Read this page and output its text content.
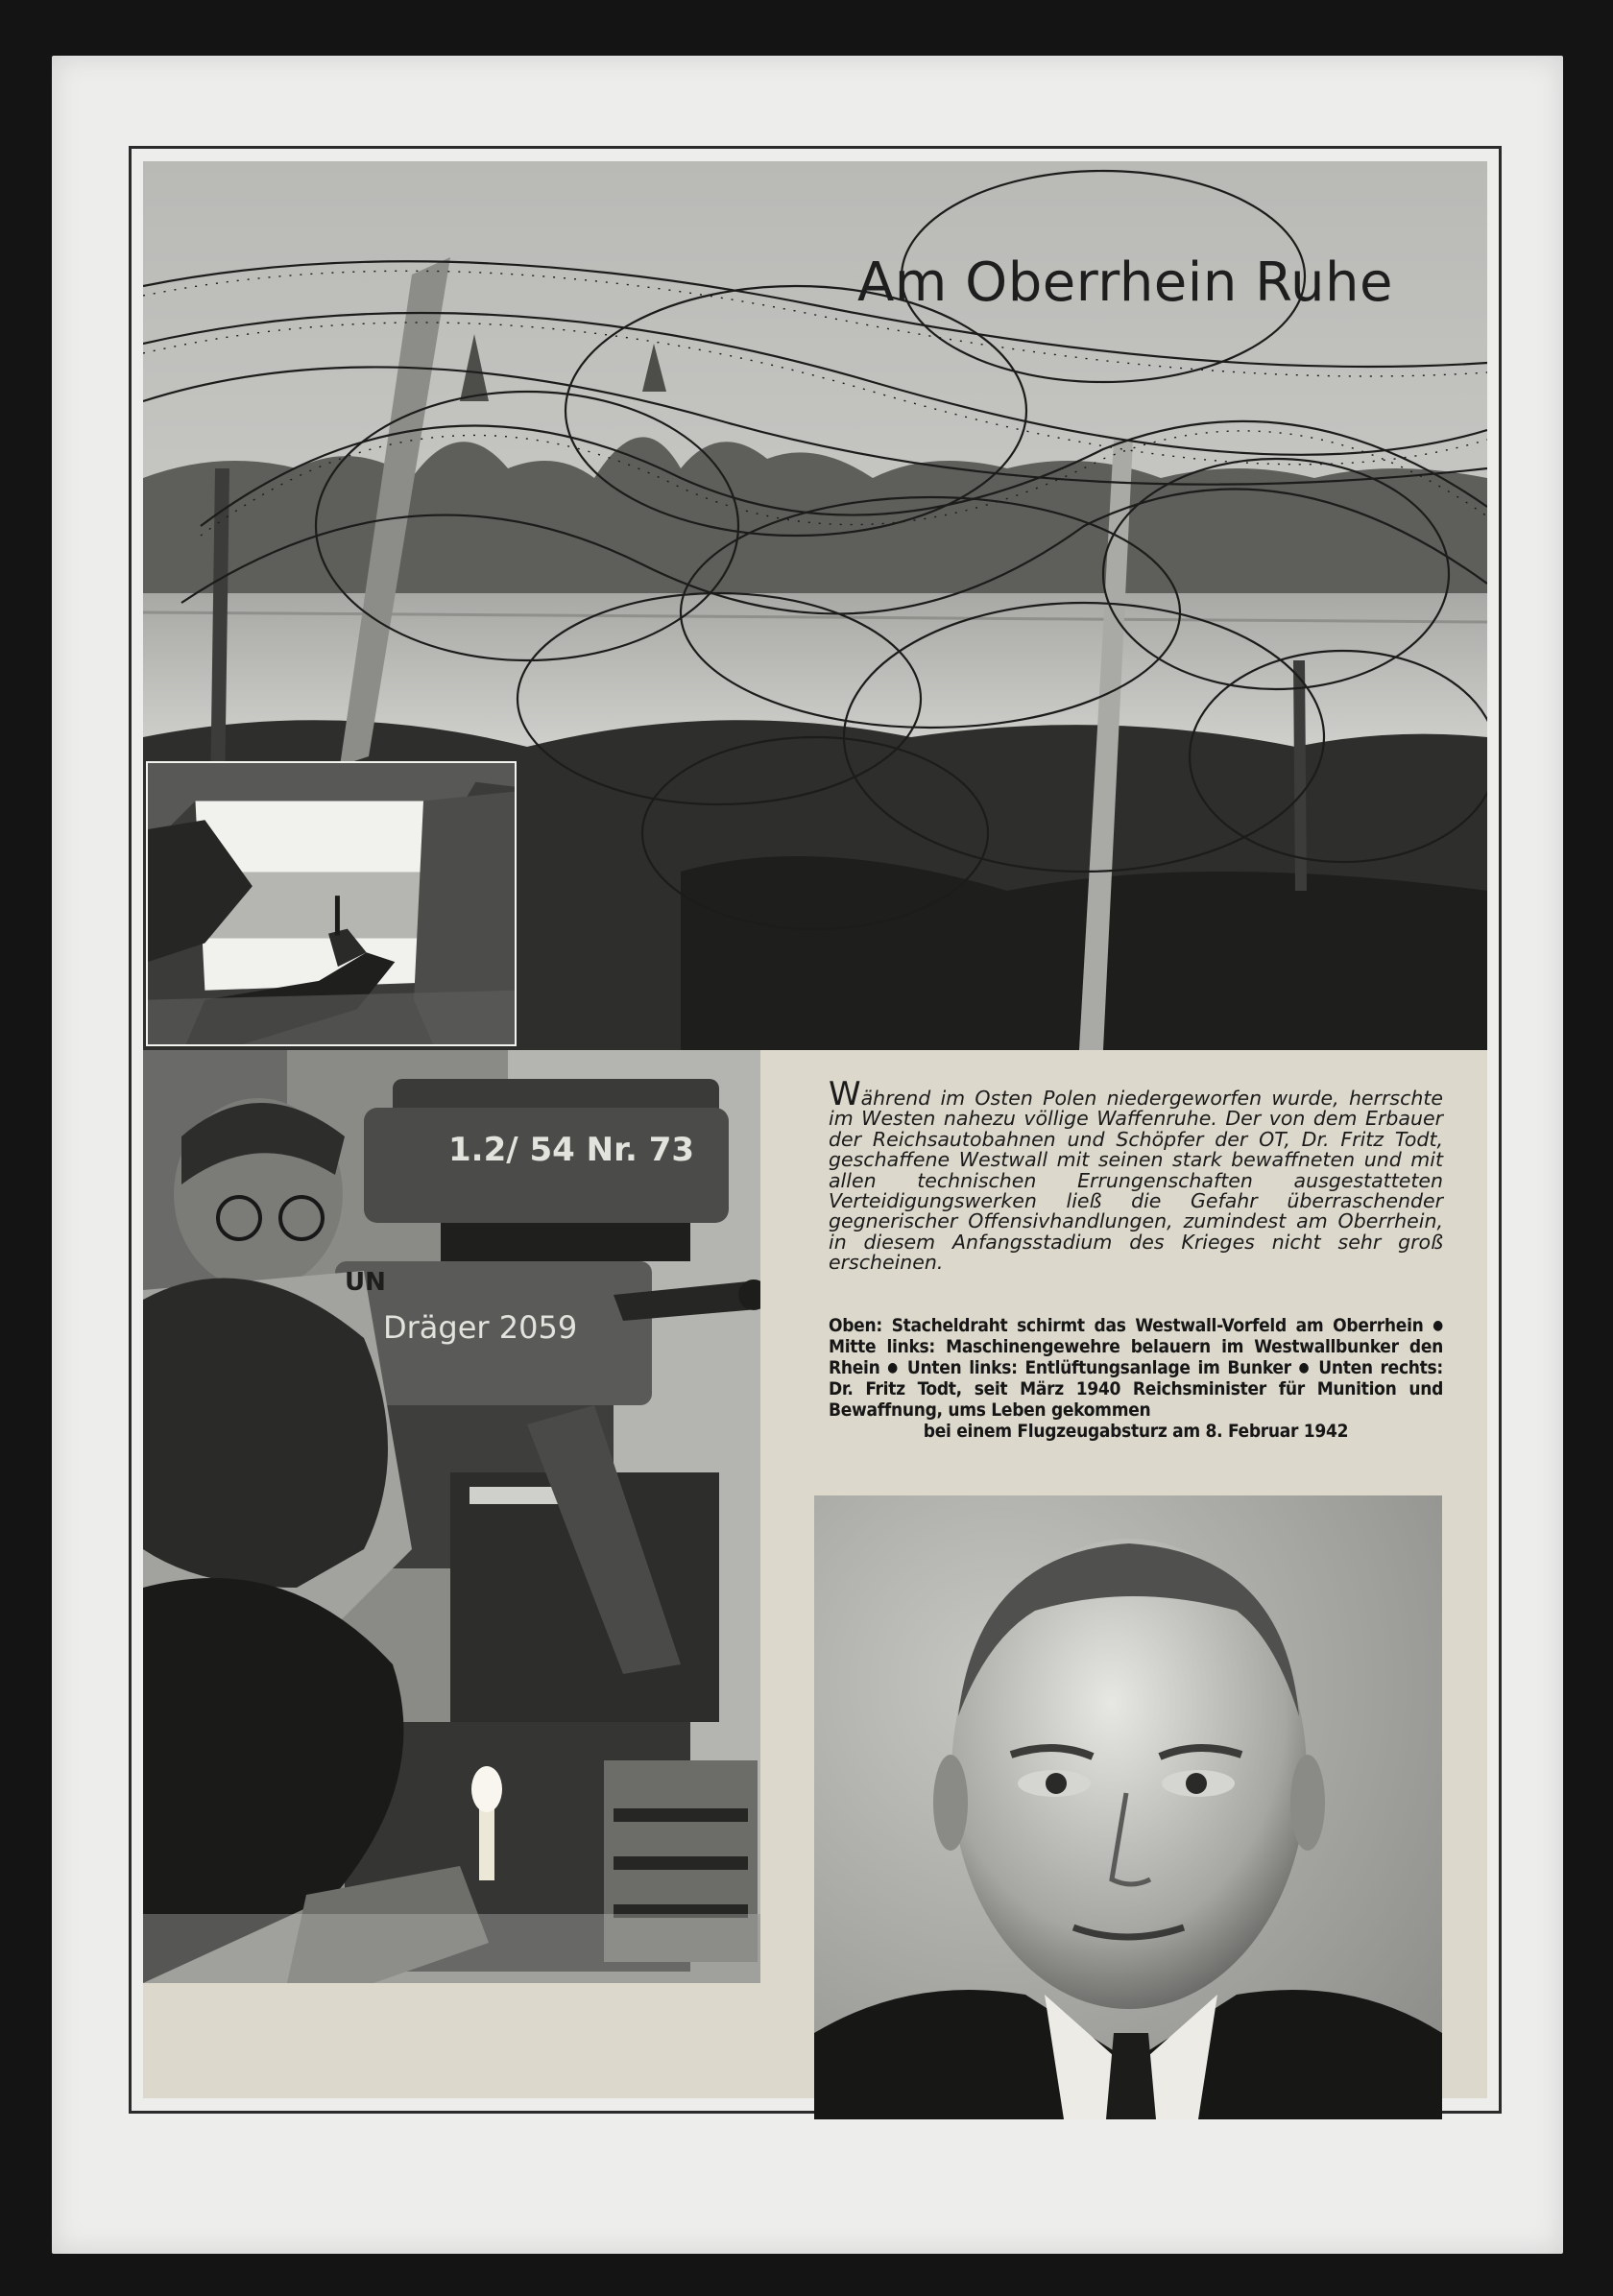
Am Oberrhein Ruhe
1.2/ 54 Nr. 73
Dräger 2059
UN

Während im Osten Polen niedergeworfen wurde, herrschte im Westen nahezu völlige Waffenruhe. Der von dem Erbauer der Reichsautobahnen und Schöpfer der OT, Dr. Fritz Todt, geschaffene Westwall mit seinen stark bewaffneten und mit allen technischen Errungenschaften ausgestatteten Verteidigungswerken ließ die Gefahr überraschender gegnerischer Offensivhandlungen, zumindest am Oberrhein, in diesem Anfangsstadium des Krieges nicht sehr groß erscheinen.

Oben: Stacheldraht schirmt das Westwall-Vorfeld am Oberrhein ● Mitte links: Maschinengewehre belauern im Westwallbunker den Rhein ● Unten links: Entlüftungsanlage im Bunker ● Unten rechts: Dr. Fritz Todt, seit März 1940 Reichsminister für Munition und Bewaffnung, ums Leben gekommen
bei einem Flugzeugabsturz am 8. Februar 1942
